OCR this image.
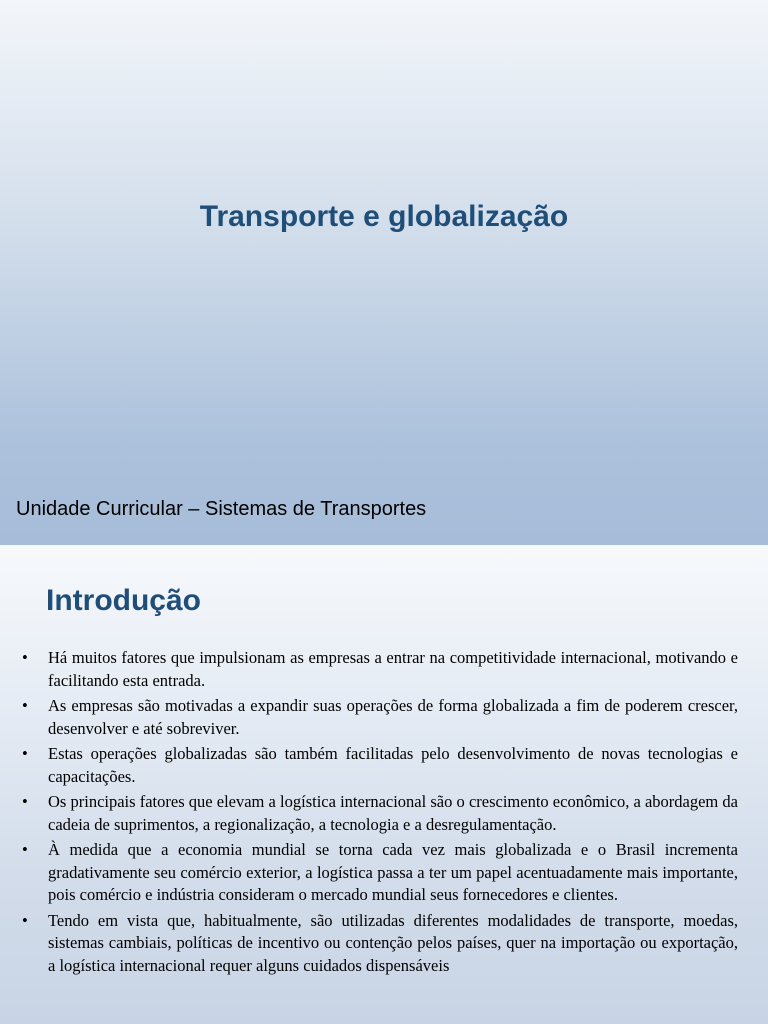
Transporte e globalização

Unidade Curricular – Sistemas de Transportes

Introdução
• Há muitos fatores que impulsionam as empresas a entrar na competitividade internacional, motivando e facilitando esta entrada.
• As empresas são motivadas a expandir suas operações de forma globalizada a fim de poderem crescer, desenvolver e até sobreviver.
• Estas operações globalizadas são também facilitadas pelo desenvolvimento de novas tecnologias e capacitações.
• Os principais fatores que elevam a logística internacional são o crescimento econômico, a abordagem da cadeia de suprimentos, a regionalização, a tecnologia e a desregulamentação.
• À medida que a economia mundial se torna cada vez mais globalizada e o Brasil incrementa gradativamente seu comércio exterior, a logística passa a ter um papel acentuadamente mais importante, pois comércio e indústria consideram o mercado mundial seus fornecedores e clientes.
• Tendo em vista que, habitualmente, são utilizadas diferentes modalidades de transporte, moedas, sistemas cambiais, políticas de incentivo ou contenção pelos países, quer na importação ou exportação, a logística internacional requer alguns cuidados dispensáveis
